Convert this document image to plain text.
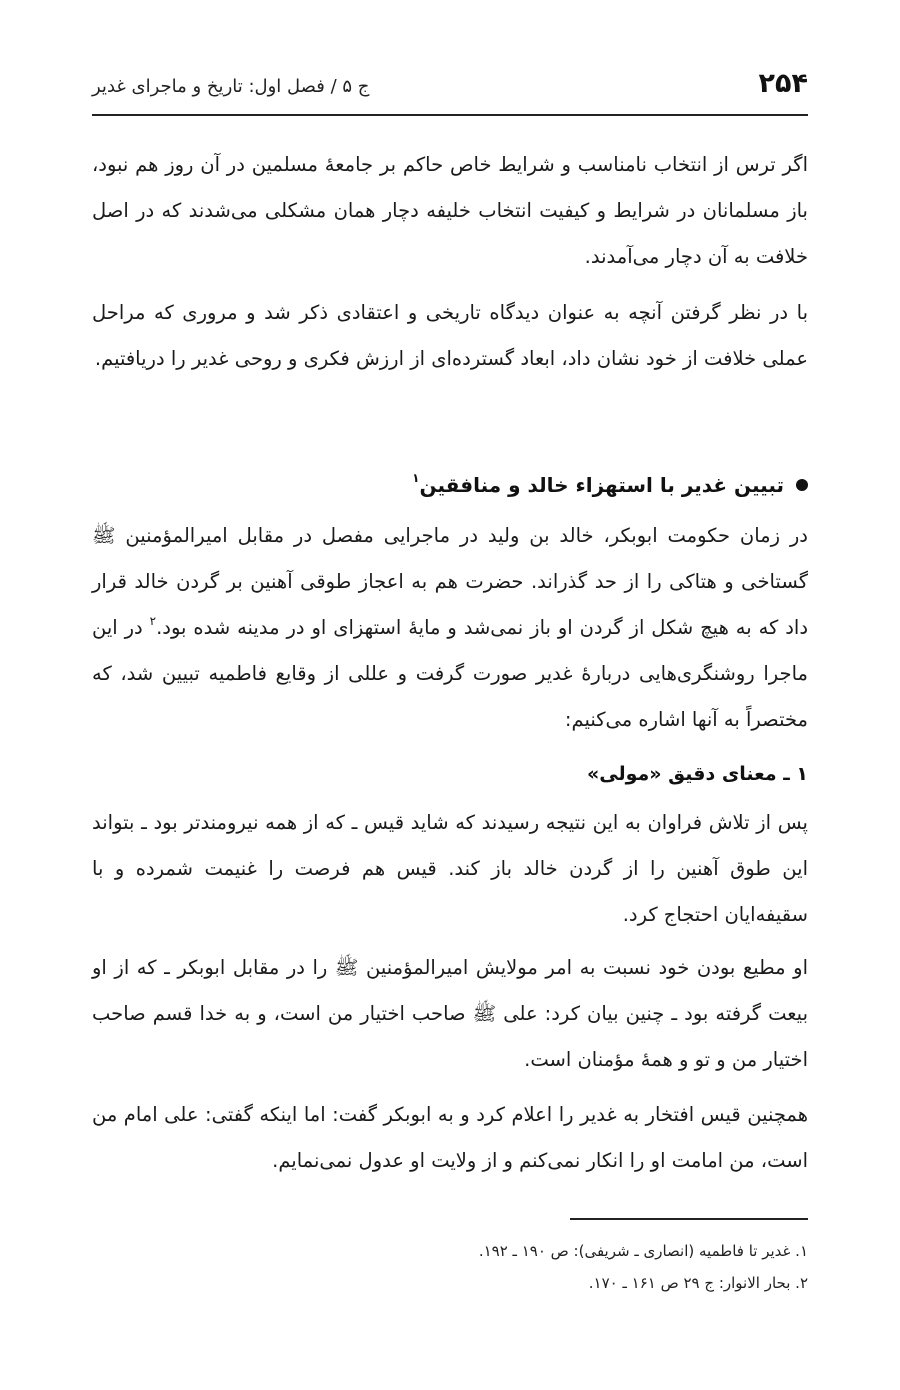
۲۵۴
ج ۵ / فصل اول: تاریخ و ماجرای غدیر

اگر ترس از انتخاب نامناسب و شرایط خاص حاکم بر جامعهٔ مسلمین در آن روز هم نبود، باز مسلمانان در شرایط و کیفیت انتخاب خلیفه دچار همان مشکلی می‌شدند که در اصل خلافت به آن دچار می‌آمدند.

با در نظر گرفتن آنچه به عنوان دیدگاه تاریخی و اعتقادی ذکر شد و مروری که مراحل عملی خلافت از خود نشان داد، ابعاد گسترده‌ای از ارزش فکری و روحی غدیر را دریافتیم.

تبیین غدیر با استهزاء خالد و منافقین$^۱$

در زمان حکومت ابوبکر، خالد بن ولید در ماجرایی مفصل در مقابل امیرالمؤمنین ﷺ گستاخی و هتاکی را از حد گذراند. حضرت هم به اعجاز طوقی آهنین بر گردن خالد قرار داد که به هیچ شکل از گردن او باز نمی‌شد و مایهٔ استهزای او در مدینه شده بود.$^۲$ در این ماجرا روشنگری‌هایی دربارهٔ غدیر صورت گرفت و عللی از وقایع فاطمیه تبیین شد، که مختصراً به آنها اشاره می‌کنیم:

۱ ـ معنای دقیق «مولی»

پس از تلاش فراوان به این نتیجه رسیدند که شاید قیس ـ که از همه نیرومندتر بود ـ بتواند این طوق آهنین را از گردن خالد باز کند. قیس هم فرصت را غنیمت شمرده و با سقیفه‌ایان احتجاج کرد.

او مطیع بودن خود نسبت به امر مولایش امیرالمؤمنین ﷺ را در مقابل ابوبکر ـ که از او بیعت گرفته بود ـ چنین بیان کرد: علی ﷺ صاحب اختیار من است، و به خدا قسم صاحب اختیار من و تو و همهٔ مؤمنان است.

همچنین قیس افتخار به غدیر را اعلام کرد و به ابوبکر گفت: اما اینکه گفتی: علی امام من است، من امامت او را انکار نمی‌کنم و از ولایت او عدول نمی‌نمایم.

۱. غدیر تا فاطمیه (انصاری ـ شریفی): ص ۱۹۰ ـ ۱۹۲.

۲. بحار الانوار: ج ۲۹ ص ۱۶۱ ـ ۱۷۰.
